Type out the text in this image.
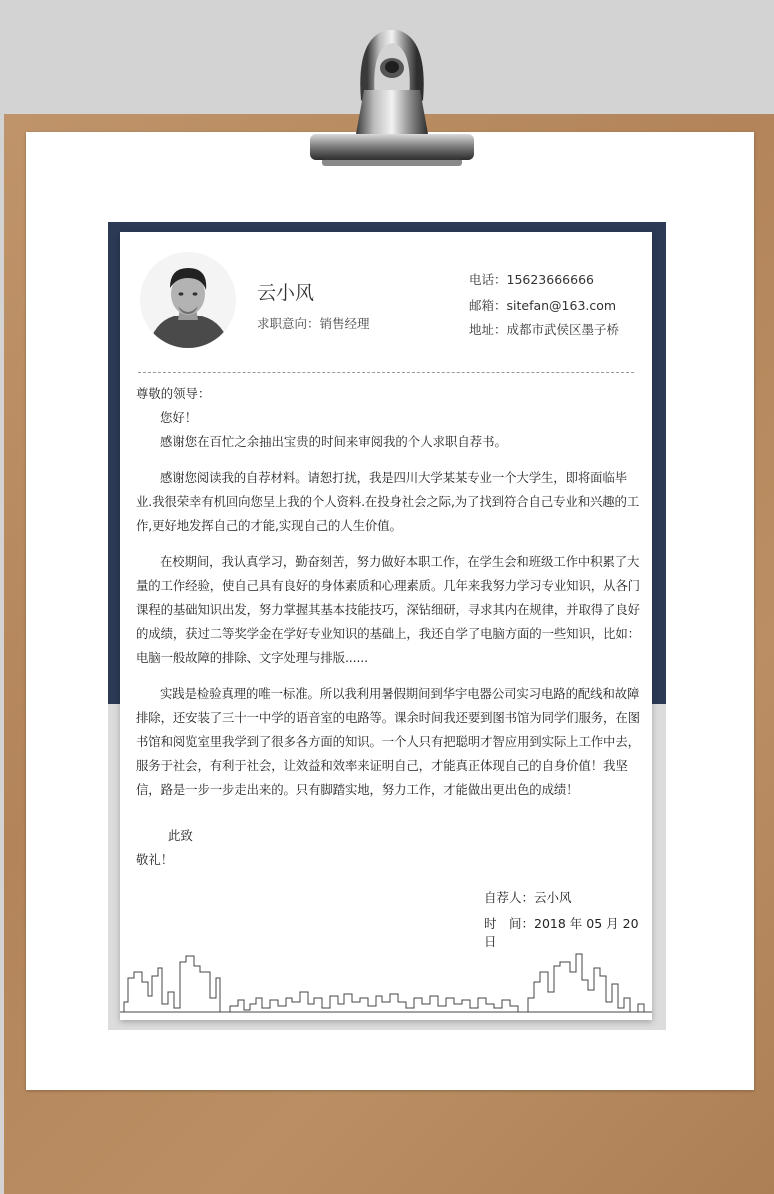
云小风
求职意向：销售经理
电话：15623666666
邮箱：sitefan@163.com
地址：成都市武侯区墨子桥

尊敬的领导：

您好！

感谢您在百忙之余抽出宝贵的时间来审阅我的个人求职自荐书。

感谢您阅读我的自荐材料。请恕打扰，我是四川大学某某专业一个大学生，即将面临毕业.我很荣幸有机回向您呈上我的个人资料.在投身社会之际,为了找到符合自己专业和兴趣的工作,更好地发挥自己的才能,实现自己的人生价值。

在校期间，我认真学习，勤奋刻苦，努力做好本职工作，在学生会和班级工作中积累了大量的工作经验，使自己具有良好的身体素质和心理素质。几年来我努力学习专业知识，从各门课程的基础知识出发，努力掌握其基本技能技巧，深钻细研，寻求其内在规律，并取得了良好的成绩，获过二等奖学金在学好专业知识的基础上，我还自学了电脑方面的一些知识，比如：电脑一般故障的排除、文字处理与排版......

实践是检验真理的唯一标准。所以我利用暑假期间到华宇电器公司实习电路的配线和故障排除，还安装了三十一中学的语音室的电路等。课余时间我还要到图书馆为同学们服务，在图书馆和阅览室里我学到了很多各方面的知识。一个人只有把聪明才智应用到实际上工作中去，服务于社会，有利于社会，让效益和效率来证明自己，才能真正体现自己的自身价值！我坚信，路是一步一步走出来的。只有脚踏实地，努力工作，才能做出更出色的成绩！

此致

敬礼！

自荐人：云小风
时　间：2018 年 05 月 20 日
